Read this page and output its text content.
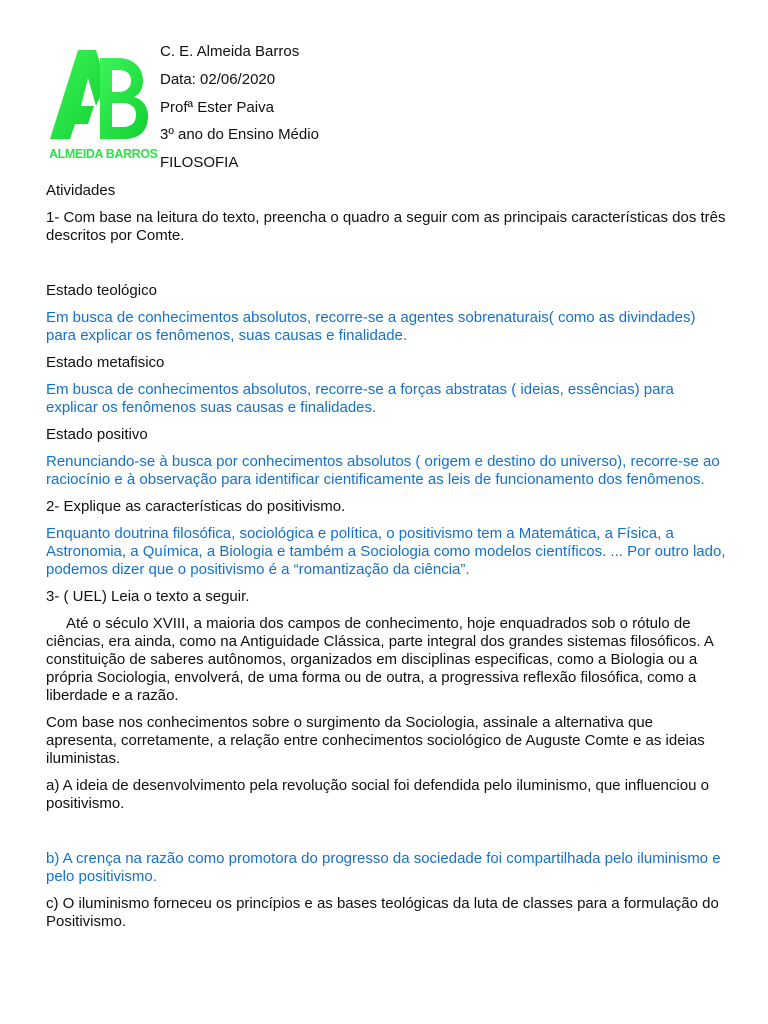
ALMEIDA BARROS
C. E. Almeida Barros
Data: 02/06/2020
Profª Ester Paiva
3º ano do Ensino Médio
FILOSOFIA

Atividades

1- Com base na leitura do texto, preencha o quadro a seguir com as principais características dos três descritos por Comte.

Estado teológico

Em busca de conhecimentos absolutos, recorre-se a agentes sobrenaturais( como as divindades) para explicar os fenômenos, suas causas e finalidade.

Estado metafisico

Em busca de conhecimentos absolutos, recorre-se a forças abstratas ( ideias, essências) para explicar os fenômenos suas causas e finalidades.

Estado positivo

Renunciando-se à busca por conhecimentos absolutos ( origem e destino do universo), recorre-se ao raciocínio e à observação para identificar cientificamente as leis de funcionamento dos fenômenos.

2- Explique as características do positivismo.

Enquanto doutrina filosófica, sociológica e política, o positivismo tem a Matemática, a Física, a Astronomia, a Química, a Biologia e também a Sociologia como modelos científicos. ... Por outro lado, podemos dizer que o positivismo é a “romantização da ciência”.

3- ( UEL) Leia o texto a seguir.

Até o século XVIII, a maioria dos campos de conhecimento, hoje enquadrados sob o rótulo de ciências, era ainda, como na Antiguidade Clássica, parte integral dos grandes sistemas filosóficos. A constituição de saberes autônomos, organizados em disciplinas especificas, como a Biologia ou a própria Sociologia, envolverá, de uma forma ou de outra, a progressiva reflexão filosófica, como a liberdade e a razão.

Com base nos conhecimentos sobre o surgimento da Sociologia, assinale a alternativa que apresenta, corretamente, a relação entre conhecimentos sociológico de Auguste Comte e as ideias iluministas.

a) A ideia de desenvolvimento pela revolução social foi defendida pelo iluminismo, que influenciou o positivismo.

b) A crença na razão como promotora do progresso da sociedade foi compartilhada pelo iluminismo e pelo positivismo.

c) O iluminismo forneceu os princípios e as bases teológicas da luta de classes para a formulação do Positivismo.
